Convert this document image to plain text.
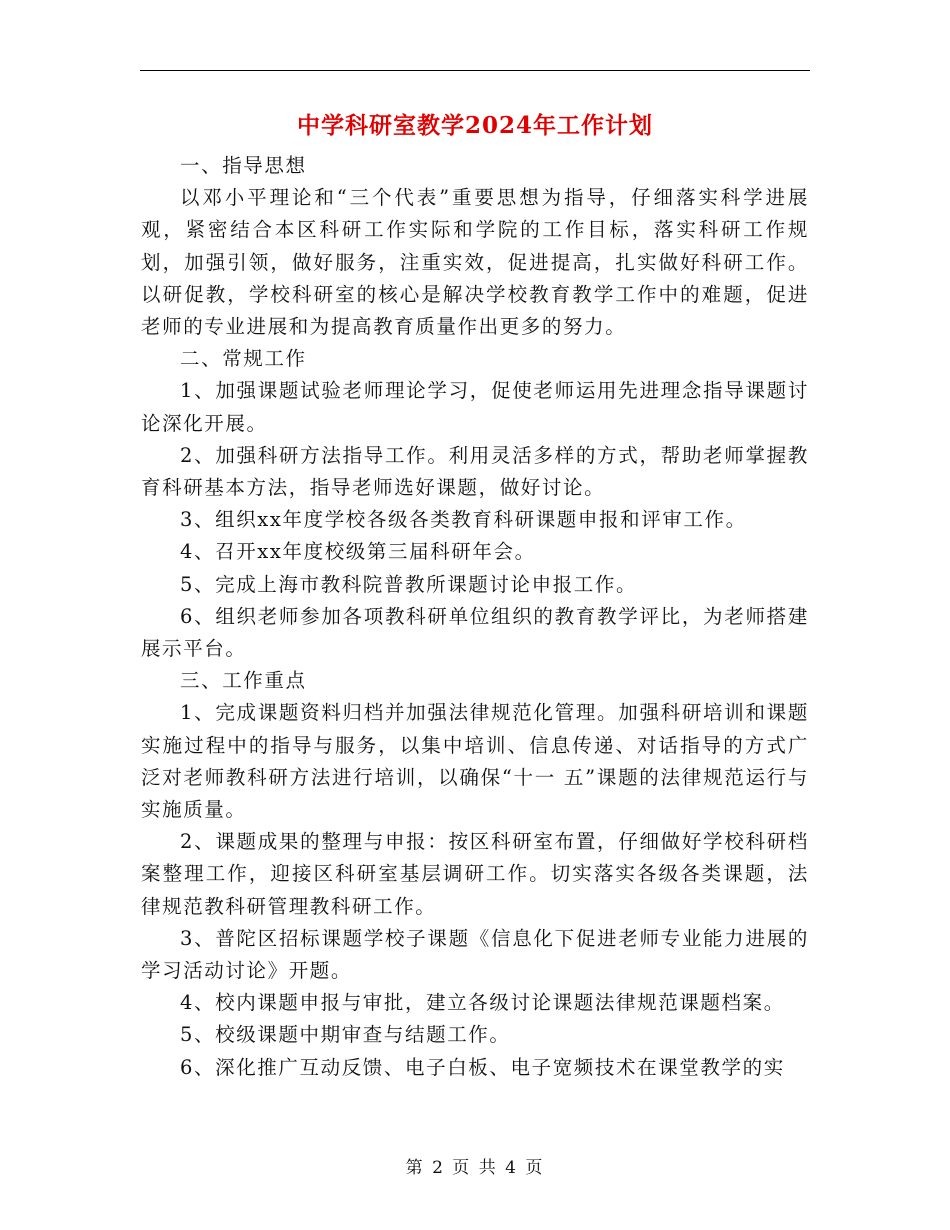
中学科研室教学2024年工作计划

一、指导思想

以邓小平理论和“三个代表”重要思想为指导，仔细落实科学进展观，紧密结合本区科研工作实际和学院的工作目标，落实科研工作规划，加强引领，做好服务，注重实效，促进提高，扎实做好科研工作。以研促教，学校科研室的核心是解决学校教育教学工作中的难题，促进老师的专业进展和为提高教育质量作出更多的努力。

二、常规工作

1、加强课题试验老师理论学习，促使老师运用先进理念指导课题讨论深化开展。

2、加强科研方法指导工作。利用灵活多样的方式，帮助老师掌握教育科研基本方法，指导老师选好课题，做好讨论。

3、组织xx年度学校各级各类教育科研课题申报和评审工作。

4、召开xx年度校级第三届科研年会。

5、完成上海市教科院普教所课题讨论申报工作。

6、组织老师参加各项教科研单位组织的教育教学评比，为老师搭建展示平台。

三、工作重点

1、完成课题资料归档并加强法律规范化管理。加强科研培训和课题实施过程中的指导与服务，以集中培训、信息传递、对话指导的方式广泛对老师教科研方法进行培训，以确保“十一 五”课题的法律规范运行与实施质量。

2、课题成果的整理与申报：按区科研室布置，仔细做好学校科研档案整理工作，迎接区科研室基层调研工作。切实落实各级各类课题，法律规范教科研管理教科研工作。

3、普陀区招标课题学校子课题《信息化下促进老师专业能力进展的学习活动讨论》开题。

4、校内课题申报与审批，建立各级讨论课题法律规范课题档案。

5、校级课题中期审查与结题工作。

6、深化推广互动反馈、电子白板、电子宽频技术在课堂教学的实

第 2 页 共 4 页
